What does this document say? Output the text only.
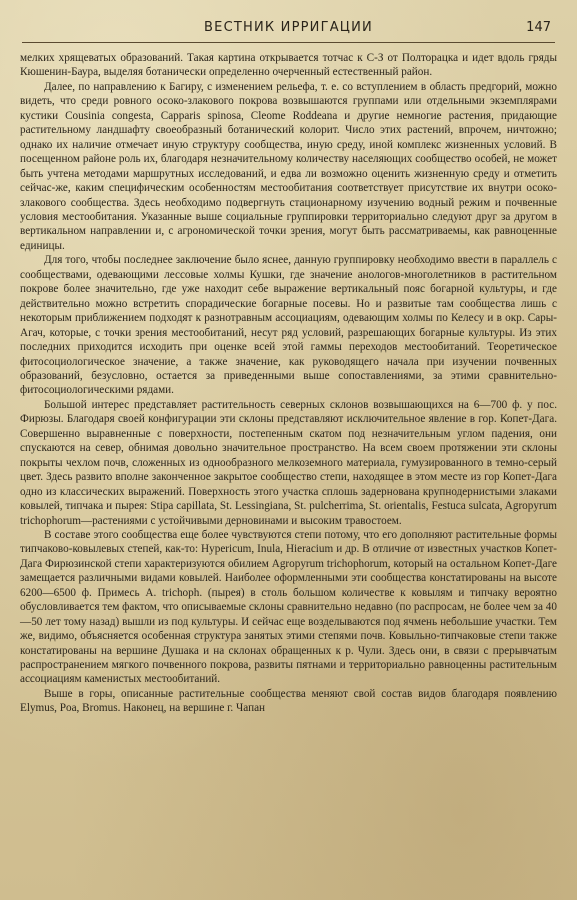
ВЕСТНИК ИРРИГАЦИИ	147

мелких хрящеватых образований. Такая картина открывается тотчас к С-З от Полторацка и идет вдоль гряды Кюшенин-Баура, выделяя ботанически определенно очерченный естественный район.

Далее, по направлению к Багиру, с изменением рельефа, т. е. со вступлением в область предгорий, можно видеть, что среди ровного осоко-злакового покрова возвышаются группами или отдельными экземплярами кустики Cousinia congesta, Capparis spinosa, Cleome Roddeana и другие немногие растения, придающие растительному ландшафту своеобразный ботанический колорит. Число этих растений, впрочем, ничтожно; однако их наличие отмечает иную структуру сообщества, иную среду, иной комплекс жизненных условий. В посещенном районе роль их, благодаря незначительному количеству населяющих сообщество особей, не может быть учтена методами маршрутных исследований, и едва ли возможно оценить жизненную среду и отметить сейчас-же, каким специфическим особенностям местообитания соответствует присутствие их внутри осоко-злакового сообщества. Здесь необходимо подвергнуть стационарному изучению водный режим и почвенные условия местообитания. Указанные выше социальные группировки территориально следуют друг за другом в вертикальном направлении и, с агрономической точки зрения, могут быть рассматриваемы, как равноценные единицы.

Для того, чтобы последнее заключение было яснее, данную группировку необходимо ввести в параллель с сообществами, одевающими лессовые холмы Кушки, где значение анологов-многолетников в растительном покрове более значительно, где уже находит себе выражение вертикальный пояс богарной культуры, и где действительно можно встретить спорадические богарные посевы. Но и развитые там сообщества лишь с некоторым приближением подходят к разнотравным ассоциациям, одевающим холмы по Келесу и в окр. Сары-Агач, которые, с точки зрения местообитаний, несут ряд условий, разрешающих богарные культуры. Из этих последних приходится исходить при оценке всей этой гаммы переходов местообитаний. Теоретическое фитосоциологическое значение, а также значение, как руководящего начала при изучении почвенных образований, безусловно, остается за приведенными выше сопоставлениями, за этими сравнительно-фитосоциологическими рядами.

Большой интерес представляет растительность северных склонов возвышающихся на 6—700 ф. у пос. Фирюзы. Благодаря своей конфигурации эти склоны представляют исключительное явление в гор. Копет-Дага. Совершенно выравненные с поверхности, постепенным скатом под незначительным углом падения, они спускаются на север, обнимая довольно значительное пространство. На всем своем протяжении эти склоны покрыты чехлом почв, сложенных из однообразного мелкоземного материала, гумузированного в темно-серый цвет. Здесь развито вполне законченное закрытое сообщество степи, находящее в этом месте из гор Копет-Дага одно из классических выражений. Поверхность этого участка сплошь задернована крупнодернистыми злаками ковылей, типчака и пырея: Stipa capillata, St. Lessingiana, St. pulcherrima, St. orientalis, Festuca sulcata, Agropyrum trichophorum—растениями с устойчивыми дерновинами и высоким травостоем.

В составе этого сообщества еще более чувствуются степи потому, что его дополняют растительные формы типчаково-ковылевых степей, как-то: Hypericum, Inula, Hieracium и др. В отличие от известных участков Копет-Дага Фирюзинской степи характеризуются обилием Agropyrum trichophorum, который на остальном Копет-Даге замещается различными видами ковылей. Наиболее оформленными эти сообщества констатированы на высоте 6200—6500 ф. Примесь A. trichoph. (пырея) в столь большом количестве к ковылям и типчаку вероятно обусловливается тем фактом, что описываемые склоны сравнительно недавно (по распросам, не более чем за 40—50 лет тому назад) вышли из под культуры. И сейчас еще возделываются под ячмень небольшие участки. Тем же, видимо, объясняется особенная структура занятых этими степями почв. Ковыльно-типчаковые степи также констатированы на вершине Душака и на склонах обращенных к р. Чули. Здесь они, в связи с прерывчатым распространением мягкого почвенного покрова, развиты пятнами и территориально равноценны растительным ассоциациям каменистых местообитаний.

Выше в горы, описанные растительные сообщества меняют свой состав видов благодаря появлению Elymus, Poa, Bromus. Наконец, на вершине г. Чапан
